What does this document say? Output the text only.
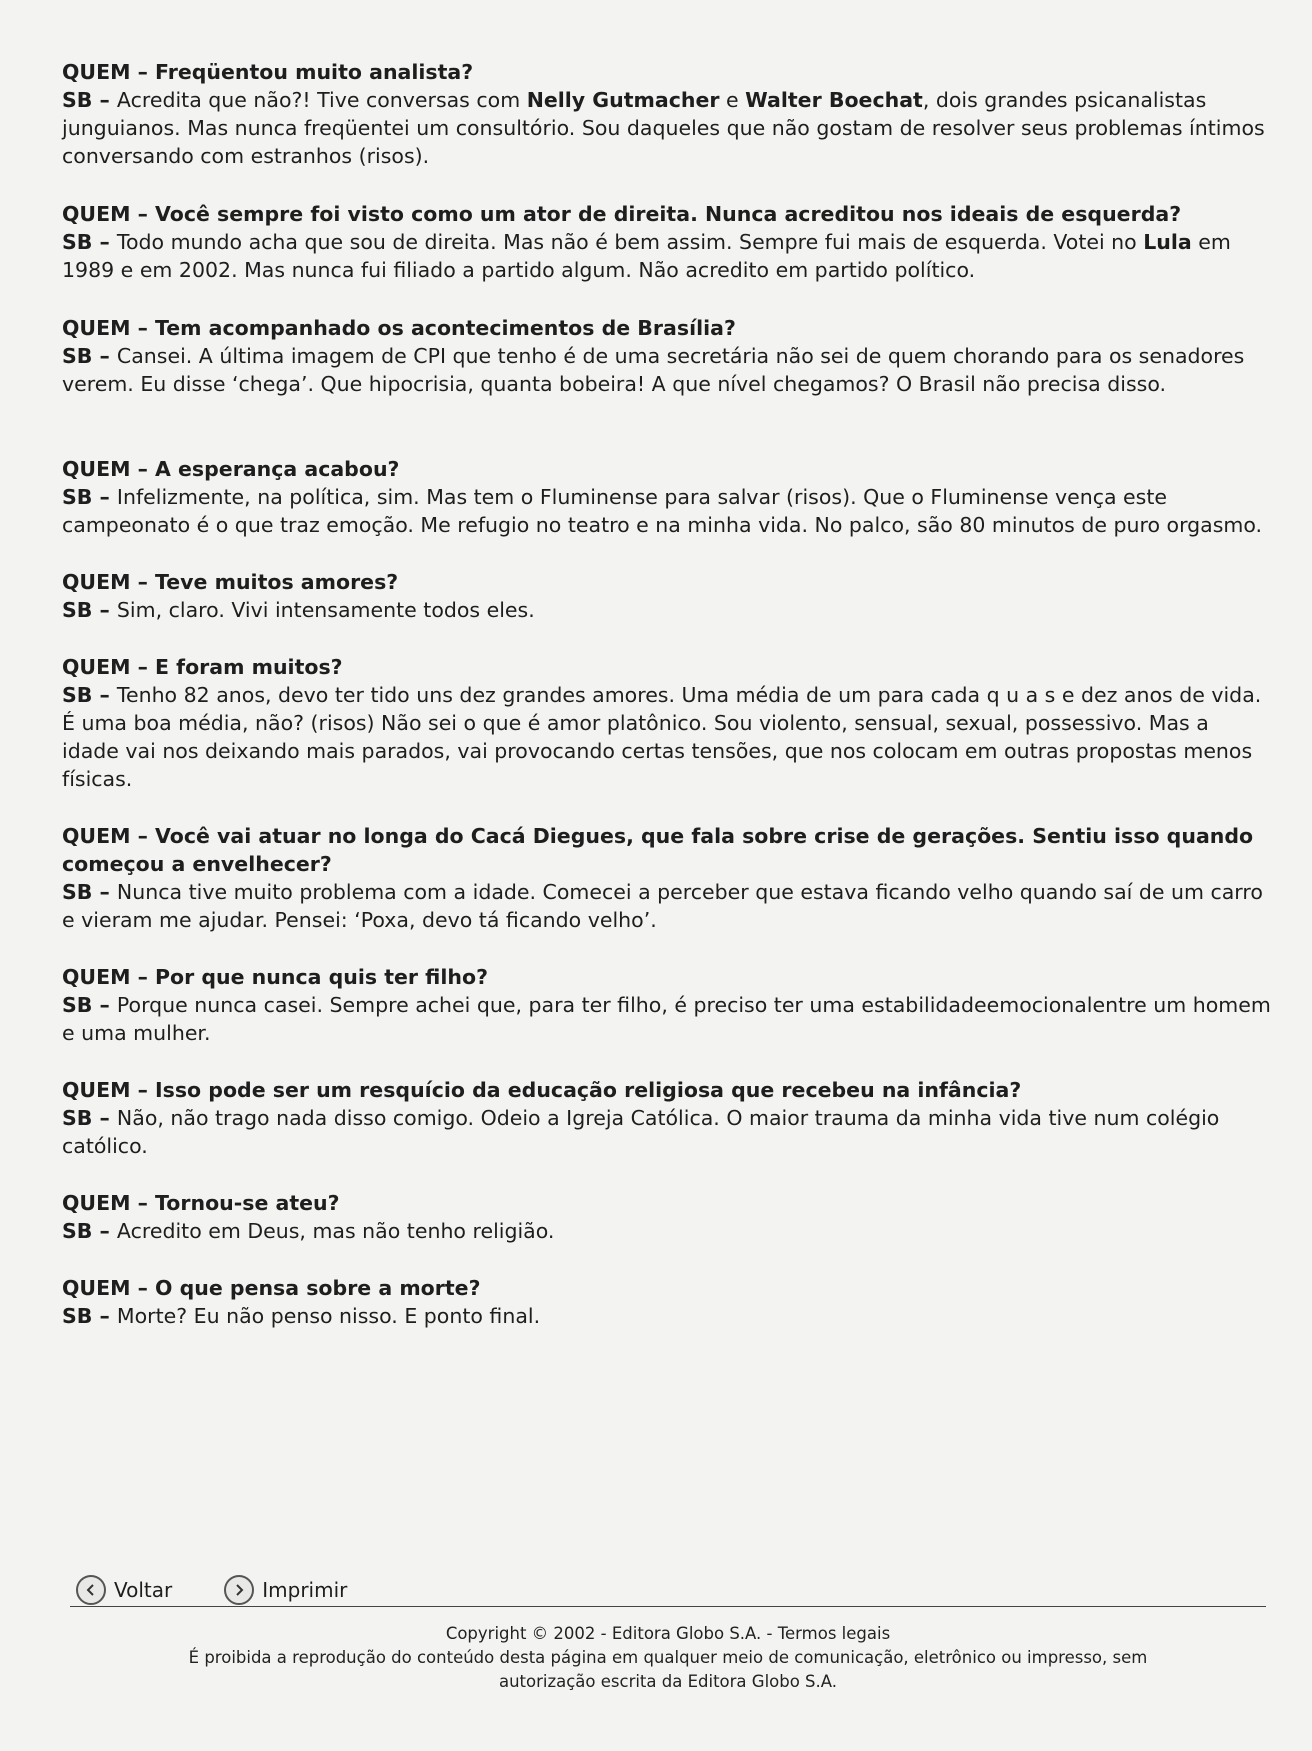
QUEM – Freqüentou muito analista?

SB – Acredita que não?! Tive conversas com Nelly Gutmacher e Walter Boechat, dois grandes psicanalistas junguianos. Mas nunca freqüentei um consultório. Sou daqueles que não gostam de resolver seus problemas íntimos conversando com estranhos (risos).

QUEM – Você sempre foi visto como um ator de direita. Nunca acreditou nos ideais de esquerda?

SB – Todo mundo acha que sou de direita. Mas não é bem assim. Sempre fui mais de esquerda. Votei no Lula em 1989 e em 2002. Mas nunca fui filiado a partido algum. Não acredito em partido político.

QUEM – Tem acompanhado os acontecimentos de Brasília?

SB – Cansei. A última imagem de CPI que tenho é de uma secretária não sei de quem chorando para os senadores verem. Eu disse ‘chega’. Que hipocrisia, quanta bobeira! A que nível chegamos? O Brasil não precisa disso.

QUEM – A esperança acabou?

SB – Infelizmente, na política, sim. Mas tem o Fluminense para salvar (risos). Que o Fluminense vença este campeonato é o que traz emoção. Me refugio no teatro e na minha vida. No palco, são 80 minutos de puro orgasmo.

QUEM – Teve muitos amores?

SB – Sim, claro. Vivi intensamente todos eles.

QUEM – E foram muitos?

SB – Tenho 82 anos, devo ter tido uns dez grandes amores. Uma média de um para cada q u a s e dez anos de vida. É uma boa média, não? (risos) Não sei o que é amor platônico. Sou violento, sensual, sexual, possessivo. Mas a idade vai nos deixando mais parados, vai provocando certas tensões, que nos colocam em outras propostas menos físicas.

QUEM – Você vai atuar no longa do Cacá Diegues, que fala sobre crise de gerações. Sentiu isso quando começou a envelhecer?

SB – Nunca tive muito problema com a idade. Comecei a perceber que estava ficando velho quando saí de um carro e vieram me ajudar. Pensei: ‘Poxa, devo tá ficando velho’.

QUEM – Por que nunca quis ter filho?

SB – Porque nunca casei. Sempre achei que, para ter filho, é preciso ter uma estabilidadeemocionalentre um homem e uma mulher.

QUEM – Isso pode ser um resquício da educação religiosa que recebeu na infância?

SB – Não, não trago nada disso comigo. Odeio a Igreja Católica. O maior trauma da minha vida tive num colégio católico.

QUEM – Tornou-se ateu?

SB – Acredito em Deus, mas não tenho religião.

QUEM – O que pensa sobre a morte?

SB – Morte? Eu não penso nisso. E ponto final.

Voltar	Imprimir
Copyright © 2002 - Editora Globo S.A. - Termos legais
É proibida a reprodução do conteúdo desta página em qualquer meio de comunicação, eletrônico ou impresso, sem
autorização escrita da Editora Globo S.A.
